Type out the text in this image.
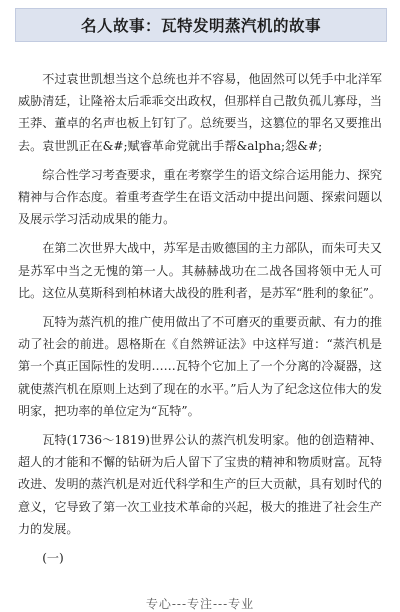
名人故事：瓦特发明蒸汽机的故事

不过袁世凯想当这个总统也并不容易，他固然可以凭手中北洋军威胁清廷，让隆裕太后乖乖交出政权，但那样自己散负孤儿寡母，当王莽、董卓的名声也板上钉钉了。总统要当，这篡位的罪名又要推出去。袁世凯正在&#;赋睿革命党就出手帮&alpha;怨&#;

综合性学习考查要求，重在考察学生的语文综合运用能力、探究精神与合作态度。着重考查学生在语文活动中提出问题、探索问题以及展示学习活动成果的能力。

在第二次世界大战中，苏军是击败德国的主力部队，而朱可夫又是苏军中当之无愧的第一人。其赫赫战功在二战各国将领中无人可比。这位从莫斯科到柏林诸大战役的胜利者，是苏军“胜利的象征”。

瓦特为蒸汽机的推广使用做出了不可磨灭的重要贡献、有力的推动了社会的前进。恩格斯在《自然辨证法》中这样写道：“蒸汽机是第一个真正国际性的发明……瓦特个它加上了一个分离的冷凝器，这就使蒸汽机在原则上达到了现在的水平。”后人为了纪念这位伟大的发明家，把功率的单位定为“瓦特”。

瓦特(1736～1819)世界公认的蒸汽机发明家。他的创造精神、超人的才能和不懈的钻研为后人留下了宝贵的精神和物质财富。瓦特改进、发明的蒸汽机是对近代科学和生产的巨大贡献，具有划时代的意义，它导致了第一次工业技术革命的兴起，极大的推进了社会生产力的发展。

(一)

专心---专注---专业
